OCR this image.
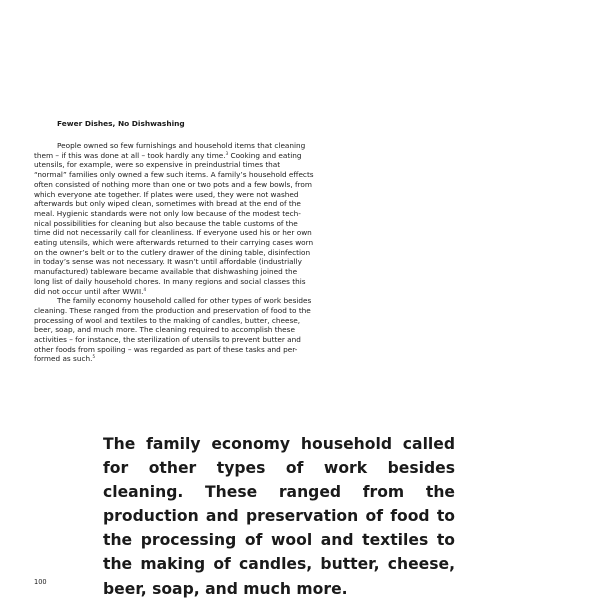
Fewer Dishes, No Dishwashing

People owned so few furnishings and household items that cleaning them – if this was done at all – took hardly any time.$^3$ Cooking and eating utensils, for example, were so expensive in preindustrial times that “normal” families only owned a few such items. A family’s household effects often consisted of nothing more than one or two pots and a few bowls, from which everyone ate together. If plates were used, they were not washed afterwards but only wiped clean, sometimes with bread at the end of the meal. Hygienic standards were not only low because of the modest tech-nical possibilities for cleaning but also because the table customs of the time did not necessarily call for cleanliness. If everyone used his or her own eating utensils, which were afterwards returned to their carrying cases worn on the owner’s belt or to the cutlery drawer of the dining table, disinfection in today’s sense was not necessary. It wasn’t until affordable (industrially manufactured) tableware became available that dishwashing joined the long list of daily household chores. In many regions and social classes this did not occur until after WWII.$^4$

The family economy household called for other types of work besides cleaning. These ranged from the production and preservation of food to the processing of wool and textiles to the making of candles, butter, cheese, beer, soap, and much more. The cleaning required to accomplish these activities – for instance, the sterilization of utensils to prevent butter and other foods from spoiling – was regarded as part of these tasks and per-formed as such.$^5$

The family economy household called for other types of work besides cleaning. These ranged from the production and preservation of food to the processing of wool and textiles to the making of candles, butter, cheese, beer, soap, and much more.
100
